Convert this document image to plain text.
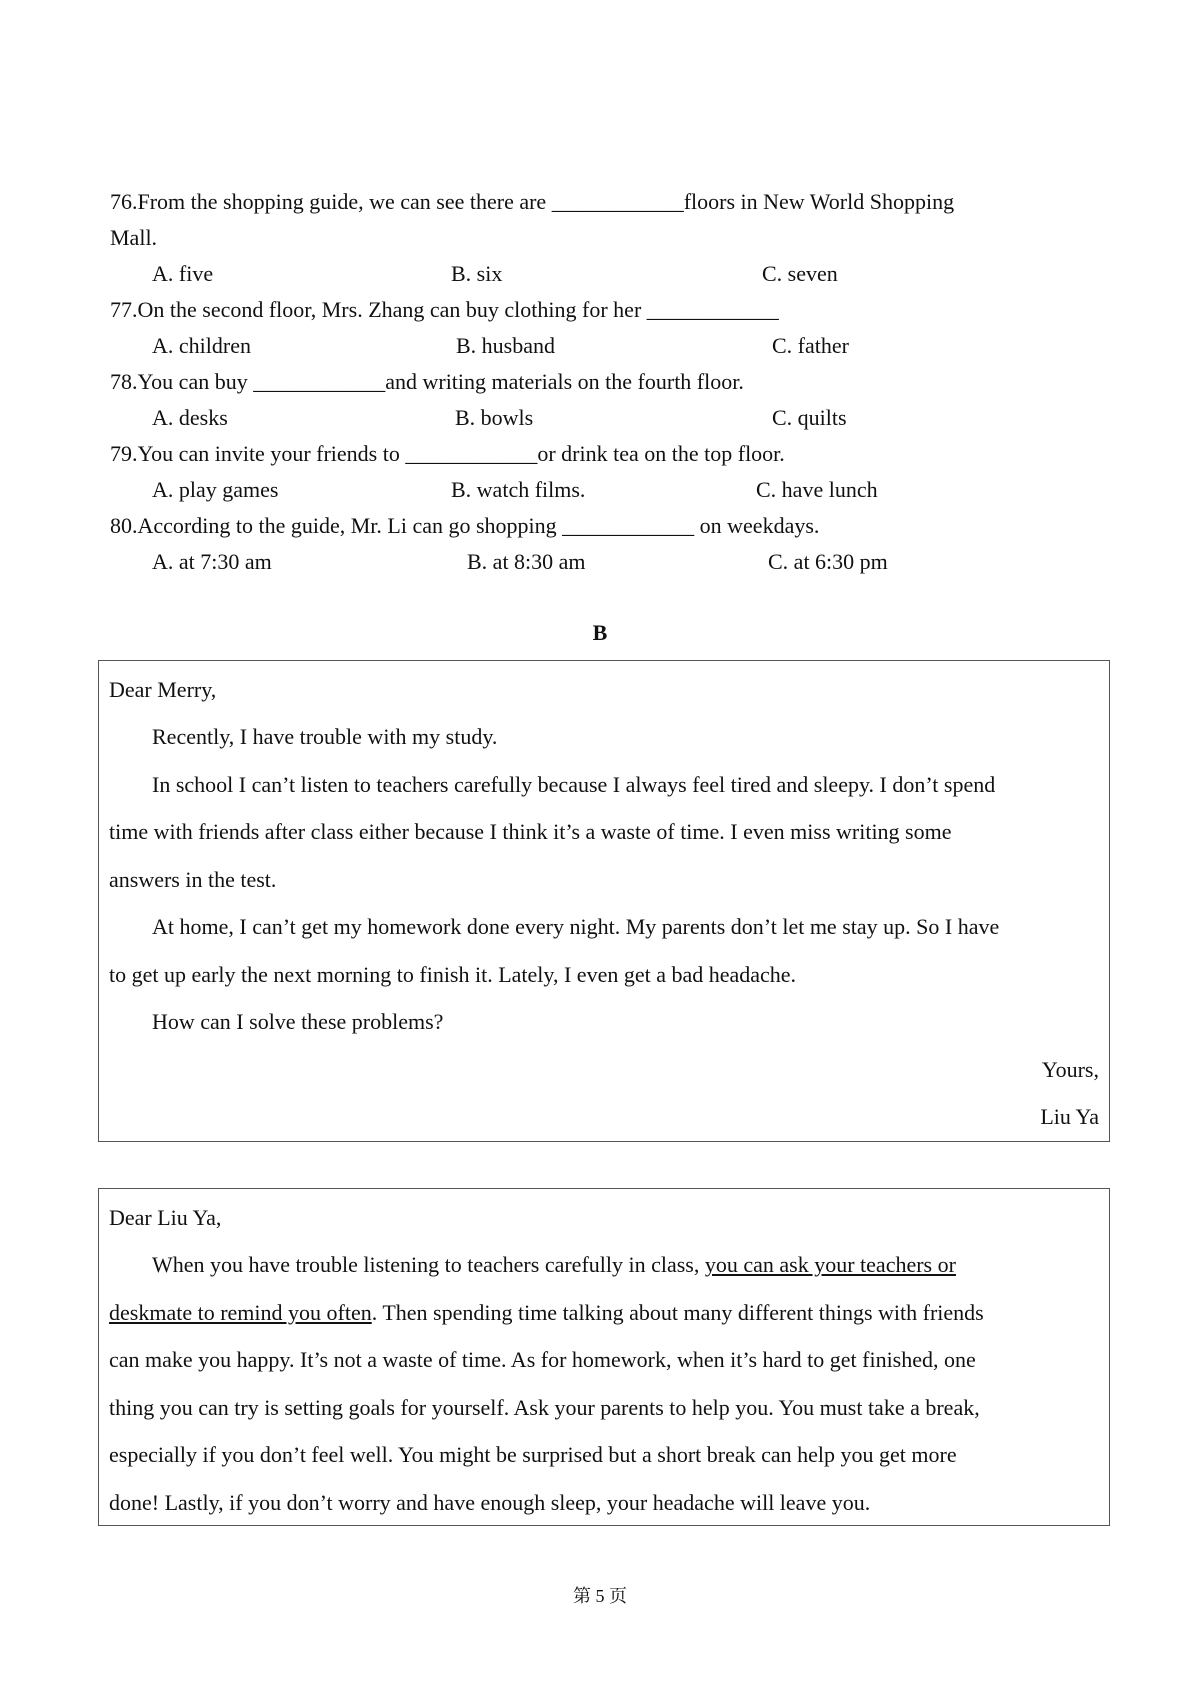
76.From the shopping guide, we can see there are ____________floors in New World Shopping
Mall.
A. five	B. six	C. seven
77.On the second floor, Mrs. Zhang can buy clothing for her ____________
A. children	B. husband	C. father
78.You can buy ____________and writing materials on the fourth floor.
A. desks	B. bowls	C. quilts
79.You can invite your friends to ____________or drink tea on the top floor.
A. play games	B. watch films.	C. have lunch
80.According to the guide, Mr. Li can go shopping ____________ on weekdays.
A. at 7:30 am	B. at 8:30 am	C. at 6:30 pm
B

Dear Merry,

Recently, I have trouble with my study.

In school I can’t listen to teachers carefully because I always feel tired and sleepy. I don’t spend

time with friends after class either because I think it’s a waste of time. I even miss writing some

answers in the test.

At home, I can’t get my homework done every night. My parents don’t let me stay up. So I have

to get up early the next morning to finish it. Lately, I even get a bad headache.

How can I solve these problems?

Yours,

Liu Ya

Dear Liu Ya,

When you have trouble listening to teachers carefully in class, you can ask your teachers or

deskmate to remind you often. Then spending time talking about many different things with friends

can make you happy. It’s not a waste of time. As for homework, when it’s hard to get finished, one

thing you can try is setting goals for yourself. Ask your parents to help you. You must take a break,

especially if you don’t feel well. You might be surprised but a short break can help you get more

done! Lastly, if you don’t worry and have enough sleep, your headache will leave you.

第 5 页
